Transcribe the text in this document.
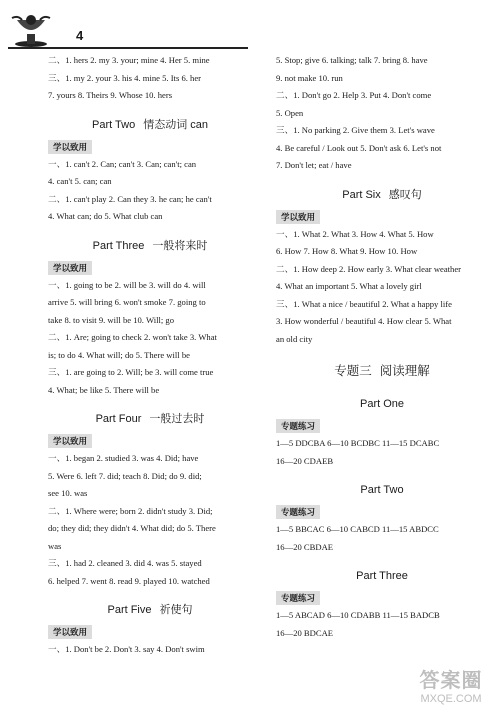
4
二、1. hers 2. my 3. your; mine 4. Her 5. mine
三、1. my 2. your 3. his 4. mine 5. Its 6. her
7. yours 8. Theirs 9. Whose 10. hers
Part Two 情态动词 can
学以致用
一、1. can't 2. Can; can't 3. Can; can't; can
4. can't 5. can; can
二、1. can't play 2. Can they 3. he can; he can't
4. What can; do 5. What club can
Part Three 一般将来时
学以致用
一、1. going to be 2. will be 3. will do 4. will
arrive 5. will bring 6. won't smoke 7. going to
take 8. to visit 9. will be 10. Will; go
二、1. Are; going to check 2. won't take 3. What
is; to do 4. What will; do 5. There will be
三、1. are going to 2. Will; be 3. will come true
4. What; be like 5. There will be
Part Four 一般过去时
学以致用
一、1. began 2. studied 3. was 4. Did; have
5. Were 6. left 7. did; teach 8. Did; do 9. did;
see 10. was
二、1. Where were; born 2. didn't study 3. Did;
do; they did; they didn't 4. What did; do 5. There
was
三、1. had 2. cleaned 3. did 4. was 5. stayed
6. helped 7. went 8. read 9. played 10. watched
Part Five 祈使句
学以致用
一、1. Don't be 2. Don't 3. say 4. Don't swim
5. Stop; give 6. talking; talk 7. bring 8. have
9. not make 10. run
二、1. Don't go 2. Help 3. Put 4. Don't come
5. Open
三、1. No parking 2. Give them 3. Let's wave
4. Be careful / Look out 5. Don't ask 6. Let's not
7. Don't let; eat / have
Part Six 感叹句
学以致用
一、1. What 2. What 3. How 4. What 5. How
6. How 7. How 8. What 9. How 10. How
二、1. How deep 2. How early 3. What clear weather
4. What an important 5. What a lovely girl
三、1. What a nice / beautiful 2. What a happy life
3. How wonderful / beautiful 4. How clear 5. What
an old city
专题三 阅读理解
Part One
专题练习
1—5 DDCBA 6—10 BCDBC 11—15 DCABC
16—20 CDAEB
Part Two
专题练习
1—5 BBCAC 6—10 CABCD 11—15 ABDCC
16—20 CBDAE
Part Three
专题练习
1—5 ABCAD 6—10 CDABB 11—15 BADCB
16—20 BDCAE
答案圈
MXQE.COM
